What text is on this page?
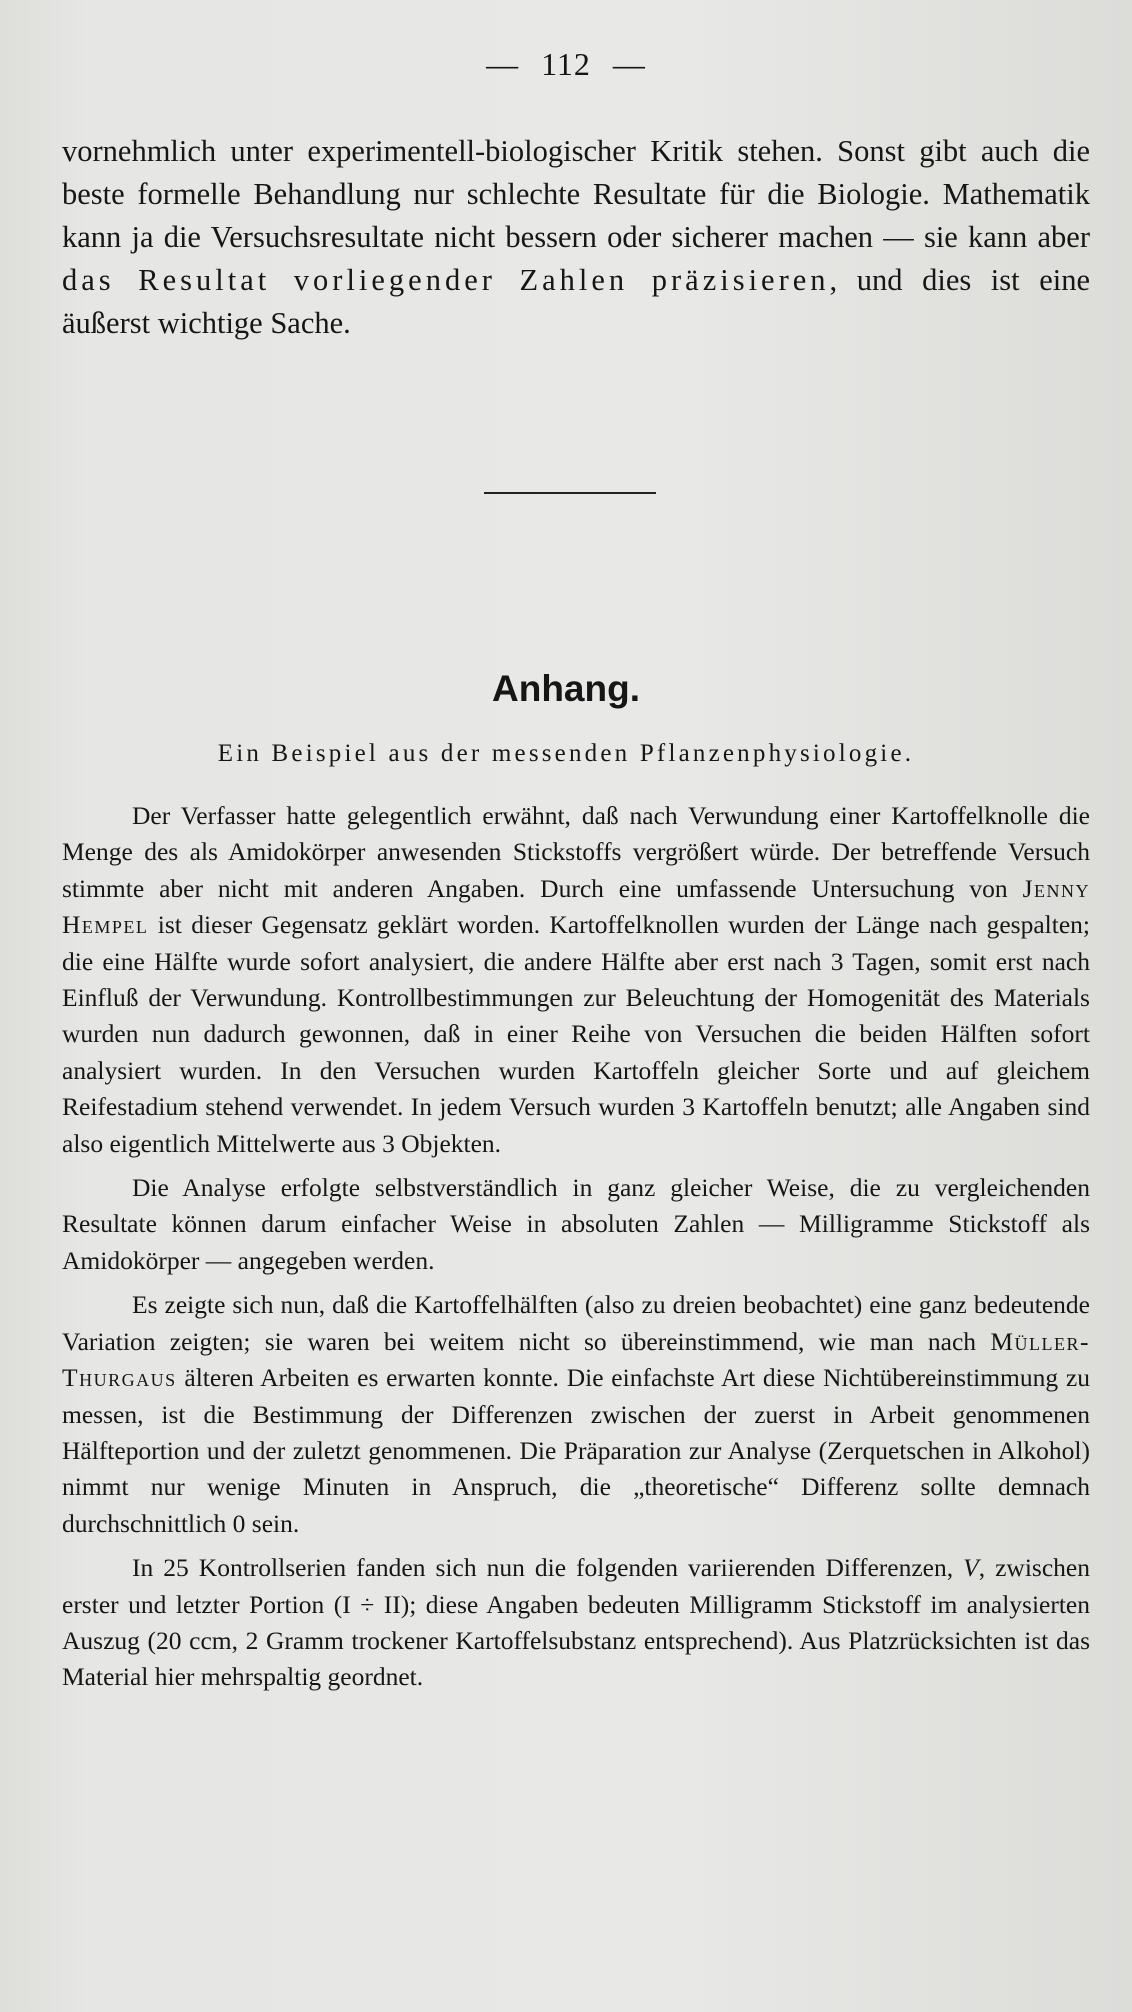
— 112 —
vornehmlich unter experimentell-biologischer Kritik stehen. Sonst gibt auch die beste formelle Behandlung nur schlechte Resultate für die Biologie. Mathematik kann ja die Versuchsresultate nicht bessern oder sicherer machen — sie kann aber das Resultat vorliegender Zahlen präzisieren, und dies ist eine äußerst wichtige Sache.
Anhang.
Ein Beispiel aus der messenden Pflanzenphysiologie.

Der Verfasser hatte gelegentlich erwähnt, daß nach Verwundung einer Kartoffelknolle die Menge des als Amidokörper anwesenden Stickstoffs vergrößert würde. Der betreffende Versuch stimmte aber nicht mit anderen Angaben. Durch eine umfassende Untersuchung von Jenny Hempel ist dieser Gegensatz geklärt worden. Kartoffelknollen wurden der Länge nach gespalten; die eine Hälfte wurde sofort analysiert, die andere Hälfte aber erst nach 3 Tagen, somit erst nach Einfluß der Verwundung. Kontrollbestimmungen zur Beleuchtung der Homogenität des Materials wurden nun dadurch gewonnen, daß in einer Reihe von Versuchen die beiden Hälften sofort analysiert wurden. In den Versuchen wurden Kartoffeln gleicher Sorte und auf gleichem Reifestadium stehend verwendet. In jedem Versuch wurden 3 Kartoffeln benutzt; alle Angaben sind also eigentlich Mittelwerte aus 3 Objekten.

Die Analyse erfolgte selbstverständlich in ganz gleicher Weise, die zu vergleichenden Resultate können darum einfacher Weise in absoluten Zahlen — Milligramme Stickstoff als Amidokörper — angegeben werden.

Es zeigte sich nun, daß die Kartoffelhälften (also zu dreien beobachtet) eine ganz bedeutende Variation zeigten; sie waren bei weitem nicht so übereinstimmend, wie man nach Müller-Thurgaus älteren Arbeiten es erwarten konnte. Die einfachste Art diese Nichtübereinstimmung zu messen, ist die Bestimmung der Differenzen zwischen der zuerst in Arbeit genommenen Hälfteportion und der zuletzt genommenen. Die Präparation zur Analyse (Zerquetschen in Alkohol) nimmt nur wenige Minuten in Anspruch, die „theoretische“ Differenz sollte demnach durchschnittlich 0 sein.

In 25 Kontrollserien fanden sich nun die folgenden variierenden Differenzen, V, zwischen erster und letzter Portion (I ÷ II); diese Angaben bedeuten Milligramm Stickstoff im analysierten Auszug (20 ccm, 2 Gramm trockener Kartoffelsubstanz entsprechend). Aus Platzrücksichten ist das Material hier mehrspaltig geordnet.
